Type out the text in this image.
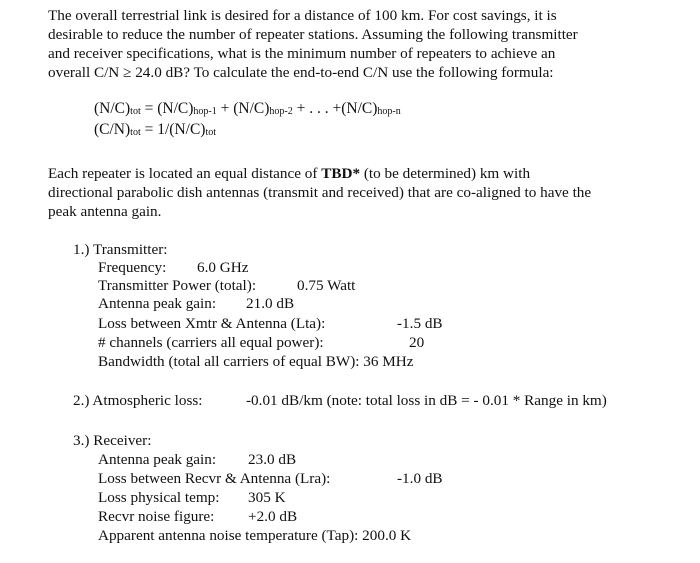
The overall terrestrial link is desired for a distance of 100 km. For cost savings, it is
desirable to reduce the number of repeater stations. Assuming the following transmitter
and receiver specifications, what is the minimum number of repeaters to achieve an
overall C/N ≥ 24.0 dB? To calculate the end-to-end C/N use the following formula:
(N/C)tot = (N/C)hop-1 + (N/C)hop-2 + . . . +(N/C)hop-n
(C/N)tot = 1/(N/C)tot
Each repeater is located an equal distance of TBD* (to be determined) km with
directional parabolic dish antennas (transmit and received) that are co-aligned to have the
peak antenna gain.
1.) Transmitter:
Frequency: 6.0 GHz
Transmitter Power (total):	0.75 Watt
Antenna peak gain: 21.0 dB
Loss between Xmtr & Antenna (Lta):	-1.5 dB
# channels (carriers all equal power):	20
Bandwidth (total all carriers of equal BW): 36 MHz
2.) Atmospheric loss:	-0.01 dB/km (note: total loss in dB = - 0.01 * Range in km)
3.) Receiver:
Antenna peak gain: 23.0 dB
Loss between Recvr & Antenna (Lra):	-1.0 dB
Loss physical temp: 305 K
Recvr noise figure: +2.0 dB
Apparent antenna noise temperature (Tap): 200.0 K
